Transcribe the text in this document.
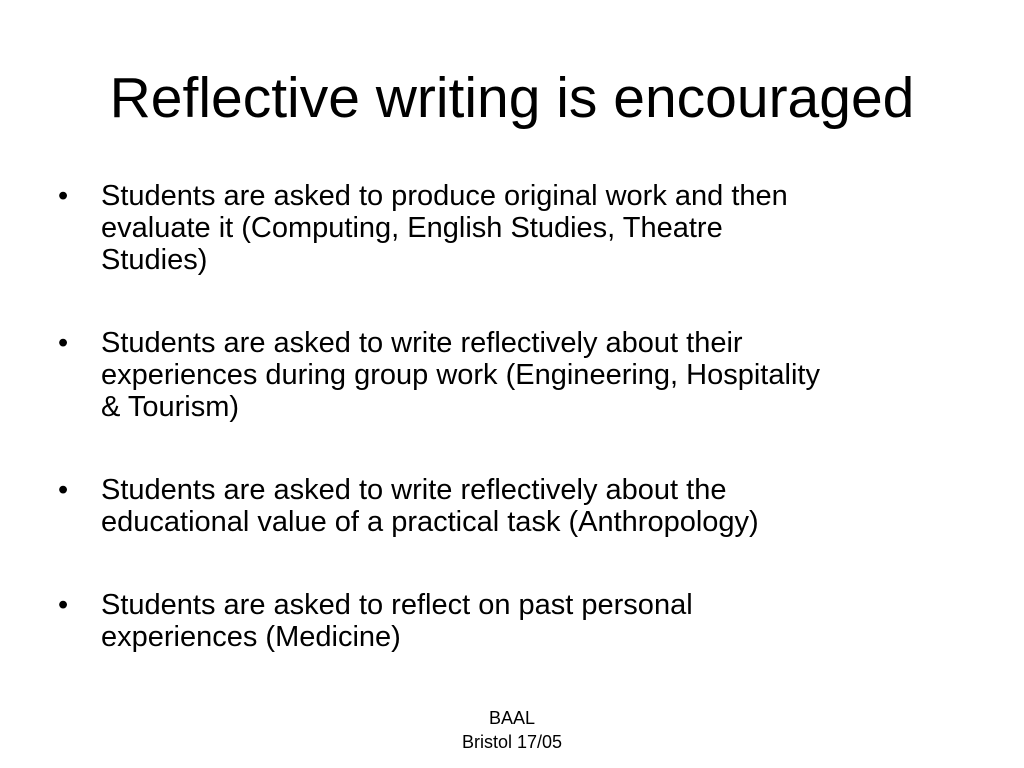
Reflective writing is encouraged
• Students are asked to produce original work and then
evaluate it (Computing, English Studies, Theatre
Studies)
• Students are asked to write reflectively about their
experiences during group work (Engineering, Hospitality
& Tourism)
• Students are asked to write reflectively about the
educational value of a practical task (Anthropology)
• Students are asked to reflect on past personal
experiences (Medicine)
BAAL
Bristol 17/05
